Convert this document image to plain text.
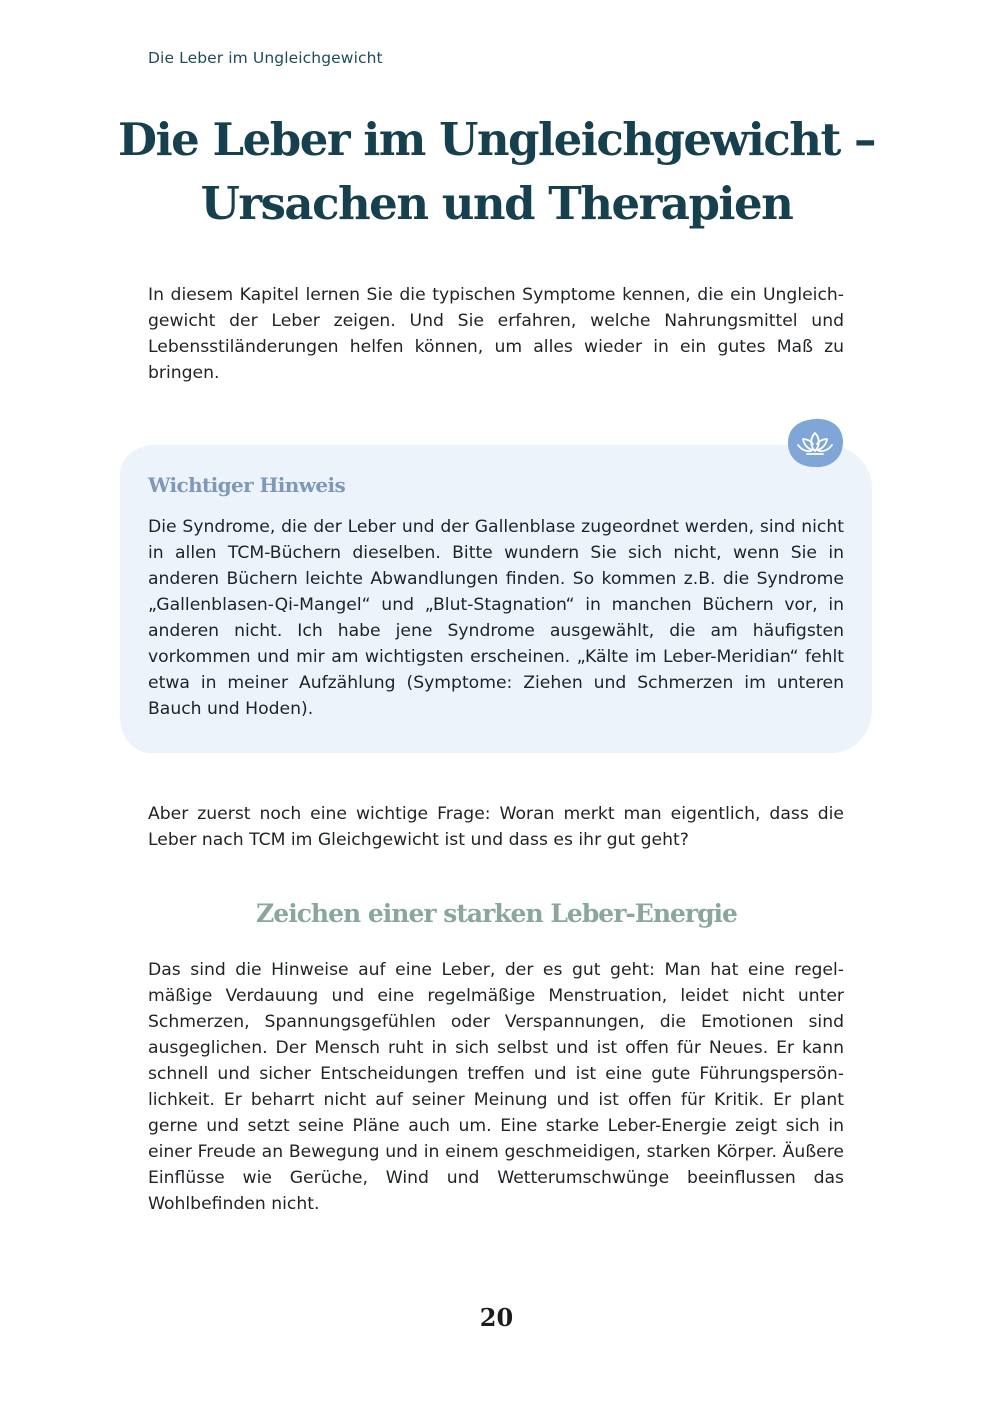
Die Leber im Ungleichgewicht
Die Leber im Ungleichgewicht –
Ursachen und Therapien

In diesem Kapitel lernen Sie die typischen Symptome kennen, die ein Ungleichgewicht der Leber zeigen. Und Sie erfahren, welche Nahrungsmittel und Lebensstiländerungen helfen können, um alles wieder in ein gutes Maß zu bringen.

Wichtiger Hinweis

Die Syndrome, die der Leber und der Gallenblase zugeordnet werden, sind nicht in allen TCM-Büchern dieselben. Bitte wundern Sie sich nicht, wenn Sie in anderen Büchern leichte Abwandlungen finden. So kommen z.B. die Syndrome „Gallenblasen-Qi-Mangel“ und „Blut-Stagnation“ in manchen Büchern vor, in anderen nicht. Ich habe jene Syndrome ausgewählt, die am häufigsten vorkommen und mir am wichtigsten erscheinen. „Kälte im Leber-Meridian“ fehlt etwa in meiner Aufzählung (Symptome: Ziehen und Schmerzen im unteren Bauch und Hoden).

Aber zuerst noch eine wichtige Frage: Woran merkt man eigentlich, dass die Leber nach TCM im Gleichgewicht ist und dass es ihr gut geht?

Zeichen einer starken Leber-Energie

Das sind die Hinweise auf eine Leber, der es gut geht: Man hat eine regelmäßige Verdauung und eine regelmäßige Menstruation, leidet nicht unter Schmerzen, Spannungsgefühlen oder Verspannungen, die Emotionen sind ausgeglichen. Der Mensch ruht in sich selbst und ist offen für Neues. Er kann schnell und sicher Entscheidungen treffen und ist eine gute Führungspersönlichkeit. Er beharrt nicht auf seiner Meinung und ist offen für Kritik. Er plant gerne und setzt seine Pläne auch um. Eine starke Leber-Energie zeigt sich in einer Freude an Bewegung und in einem geschmeidigen, starken Körper. Äußere Einflüsse wie Gerüche, Wind und Wetterumschwünge beeinflussen das Wohlbefinden nicht.

20
